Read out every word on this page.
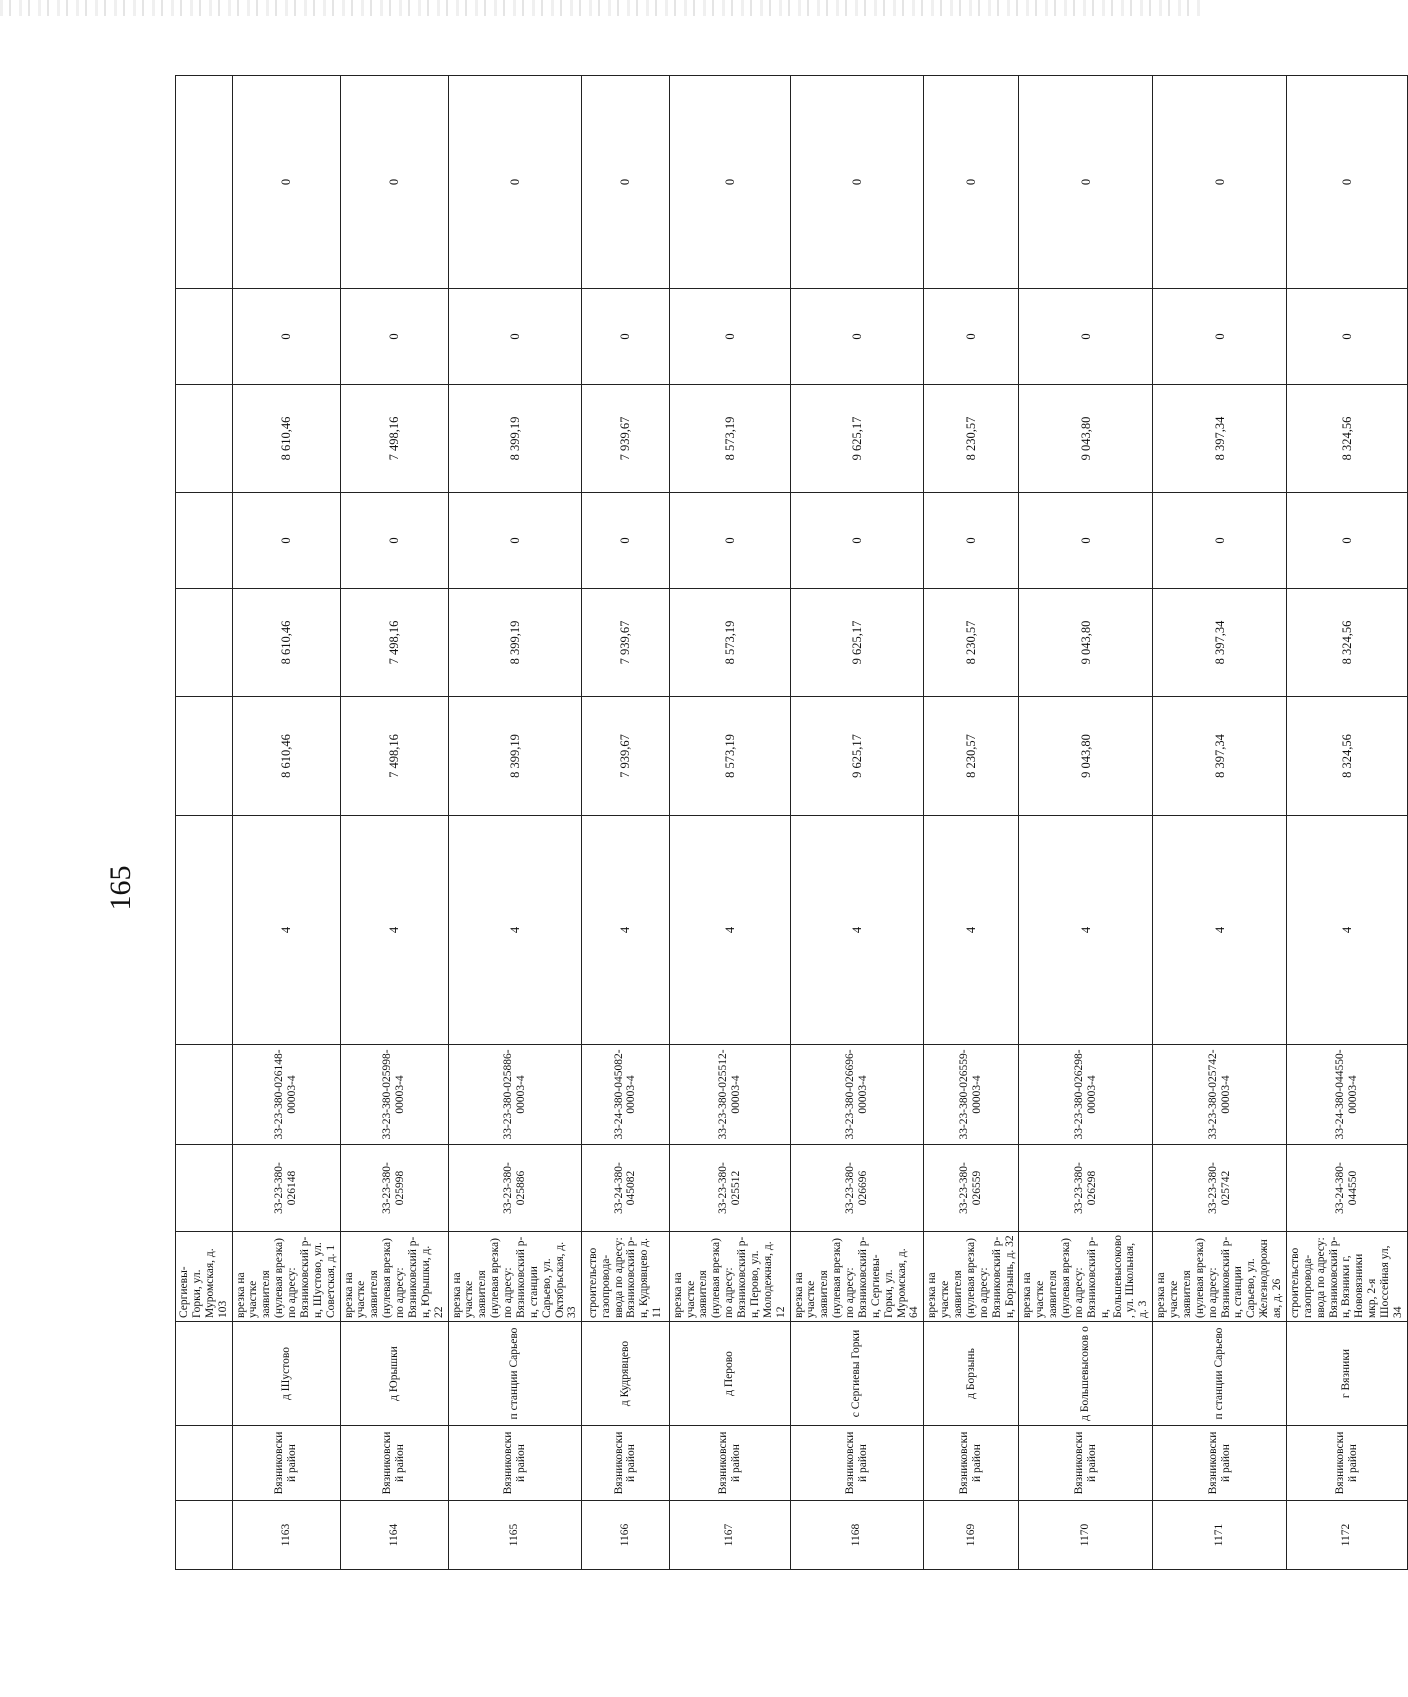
165
			Сергиевы-Горки, ул. Муромская, д. 103									
1163	Вязниковски й район	д Шустово	врезка на участке заявителя (нулевая врезка) по адресу: Вязниковский р-н, Шустово, ул. Советская, д. 1	33-23-380-026148	33-23-380-026148-00003-4	4	8 610,46	8 610,46	0	8 610,46	0	0
1164	Вязниковски й район	д Юрышки	врезка на участке заявителя (нулевая врезка) по адресу: Вязниковский р-н, Юрышки, д. 22	33-23-380-025998	33-23-380-025998-00003-4	4	7 498,16	7 498,16	0	7 498,16	0	0
1165	Вязниковски й район	п станции Сарьево	врезка на участке заявителя (нулевая врезка) по адресу: Вязниковский р-н, станции Сарьево, ул. Октябрьская, д. 33	33-23-380-025886	33-23-380-025886-00003-4	4	8 399,19	8 399,19	0	8 399,19	0	0
1166	Вязниковски й район	д Кудрявцево	строительство газопровода-ввода по адресу: Вязниковский р-н, Кудрявцево д. 11	33-24-380-045082	33-24-380-045082-00003-4	4	7 939,67	7 939,67	0	7 939,67	0	0
1167	Вязниковски й район	д Перово	врезка на участке заявителя (нулевая врезка) по адресу: Вязниковский р-н, Перово, ул. Молодежная, д. 12	33-23-380-025512	33-23-380-025512-00003-4	4	8 573,19	8 573,19	0	8 573,19	0	0
1168	Вязниковски й район	с Сергиевы Горки	врезка на участке заявителя (нулевая врезка) по адресу: Вязниковский р-н, Сергиевы-Горки, ул. Муромская, д. 64	33-23-380-026696	33-23-380-026696-00003-4	4	9 625,17	9 625,17	0	9 625,17	0	0
1169	Вязниковски й район	д Борзынь	врезка на участке заявителя (нулевая врезка) по адресу: Вязниковский р-н, Борзынь, д. 32	33-23-380-026559	33-23-380-026559-00003-4	4	8 230,57	8 230,57	0	8 230,57	0	0
1170	Вязниковски й район	д Большевысоков о	врезка на участке заявителя (нулевая врезка) по адресу: Вязниковский р-н, Большевысоково, ул. Школьная, д. 3	33-23-380-026298	33-23-380-026298-00003-4	4	9 043,80	9 043,80	0	9 043,80	0	0
1171	Вязниковски й район	п станции Сарьево	врезка на участке заявителя (нулевая врезка) по адресу: Вязниковский р-н, станции Сарьево, ул. Железнодорожная, д. 26	33-23-380-025742	33-23-380-025742-00003-4	4	8 397,34	8 397,34	0	8 397,34	0	0
1172	Вязниковски й район	г Вязники	строительство газопровода-ввода по адресу: Вязниковский р-н, Вязники г, Нововязники мкр, 2-я Шоссейная ул, 34	33-24-380-044550	33-24-380-044550-00003-4	4	8 324,56	8 324,56	0	8 324,56	0	0
